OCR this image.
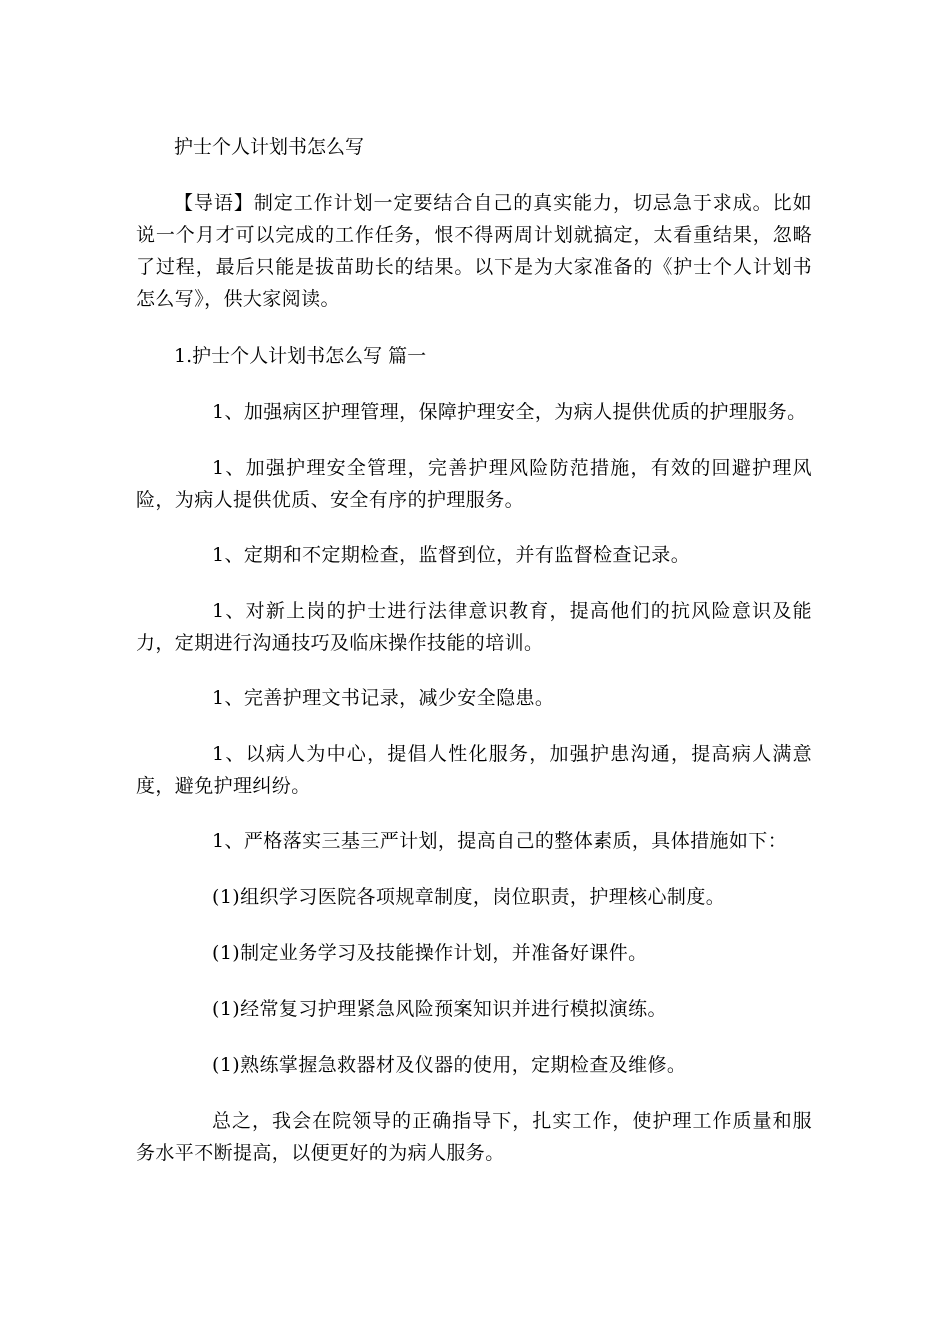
护士个人计划书怎么写

【导语】制定工作计划一定要结合自己的真实能力，切忌急于求成。比如说一个月才可以完成的工作任务，恨不得两周计划就搞定，太看重结果，忽略了过程，最后只能是拔苗助长的结果。以下是为大家准备的《护士个人计划书怎么写》，供大家阅读。

1.护士个人计划书怎么写 篇一

1、加强病区护理管理，保障护理安全，为病人提供优质的护理服务。

1、加强护理安全管理，完善护理风险防范措施，有效的回避护理风险，为病人提供优质、安全有序的护理服务。

1、定期和不定期检查，监督到位，并有监督检查记录。

1、对新上岗的护士进行法律意识教育，提高他们的抗风险意识及能力，定期进行沟通技巧及临床操作技能的培训。

1、完善护理文书记录，减少安全隐患。

1、以病人为中心，提倡人性化服务，加强护患沟通，提高病人满意度，避免护理纠纷。

1、严格落实三基三严计划，提高自己的整体素质，具体措施如下：

(1)组织学习医院各项规章制度，岗位职责，护理核心制度。

(1)制定业务学习及技能操作计划，并准备好课件。

(1)经常复习护理紧急风险预案知识并进行模拟演练。

(1)熟练掌握急救器材及仪器的使用，定期检查及维修。

总之，我会在院领导的正确指导下，扎实工作，使护理工作质量和服务水平不断提高，以便更好的为病人服务。
